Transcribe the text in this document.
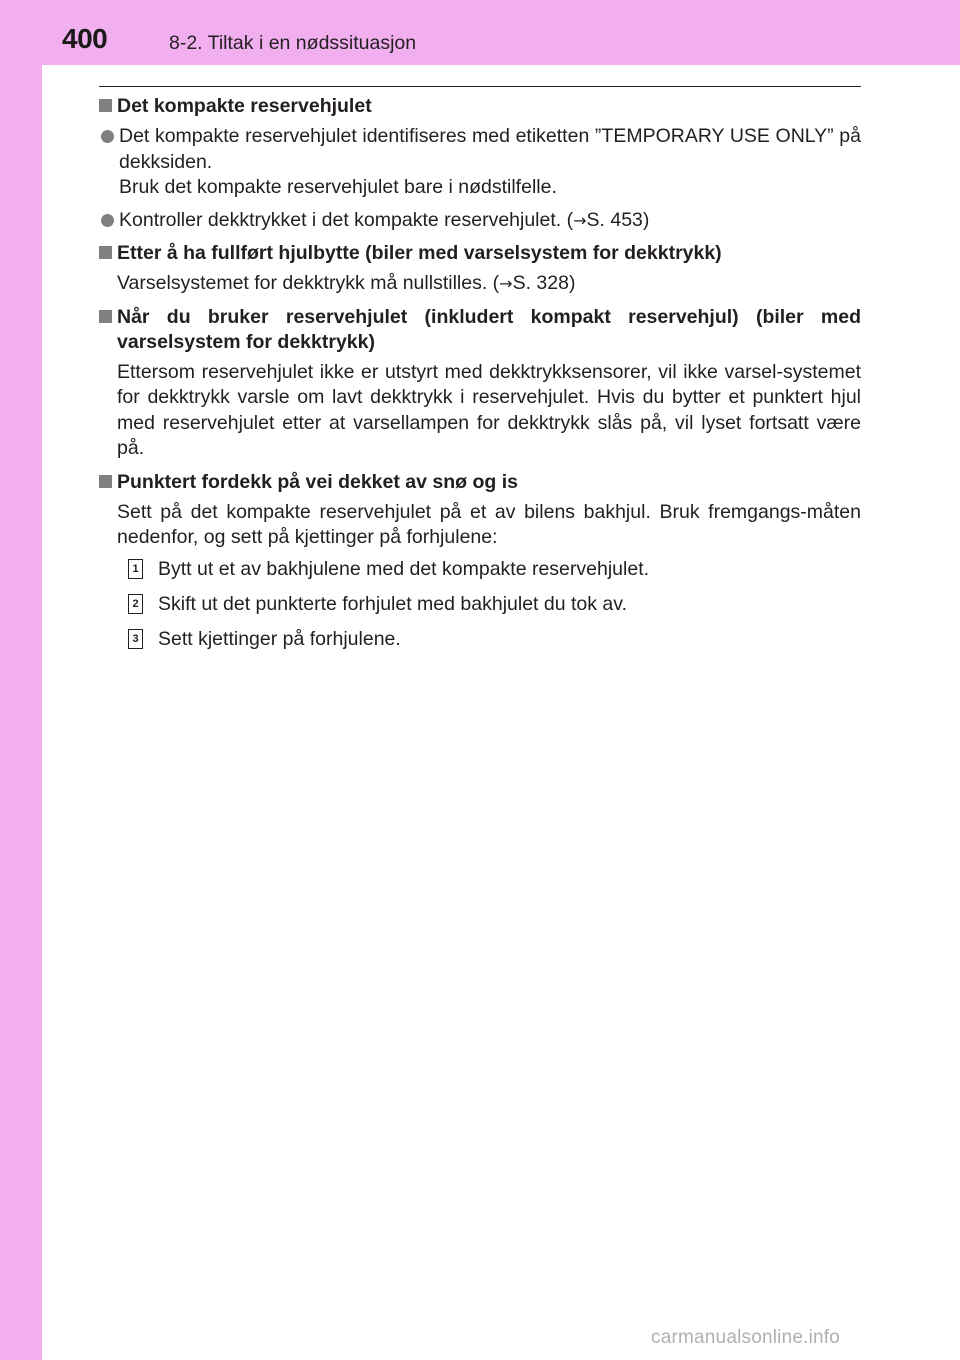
400	8-2. Tiltak i en nødssituasjon
Det kompakte reservehjulet
Det kompakte reservehjulet identifiseres med etiketten ”TEMPORARY USE ONLY” på dekksiden.
Bruk det kompakte reservehjulet bare i nødstilfelle.
Kontroller dekktrykket i det kompakte reservehjulet. (→S. 453)
Etter å ha fullført hjulbytte (biler med varselsystem for dekktrykk)
Varselsystemet for dekktrykk må nullstilles. (→S. 328)
Når du bruker reservehjulet (inkludert kompakt reservehjul) (biler med varselsystem for dekktrykk)
Ettersom reservehjulet ikke er utstyrt med dekktrykksensorer, vil ikke varsel-systemet for dekktrykk varsle om lavt dekktrykk i reservehjulet. Hvis du bytter et punktert hjul med reservehjulet etter at varsellampen for dekktrykk slås på, vil lyset fortsatt være på.
Punktert fordekk på vei dekket av snø og is
Sett på det kompakte reservehjulet på et av bilens bakhjul. Bruk fremgangs-måten nedenfor, og sett på kjettinger på forhjulene:
1 Bytt ut et av bakhjulene med det kompakte reservehjulet.
2 Skift ut det punkterte forhjulet med bakhjulet du tok av.
3 Sett kjettinger på forhjulene.
carmanualsonline.info
